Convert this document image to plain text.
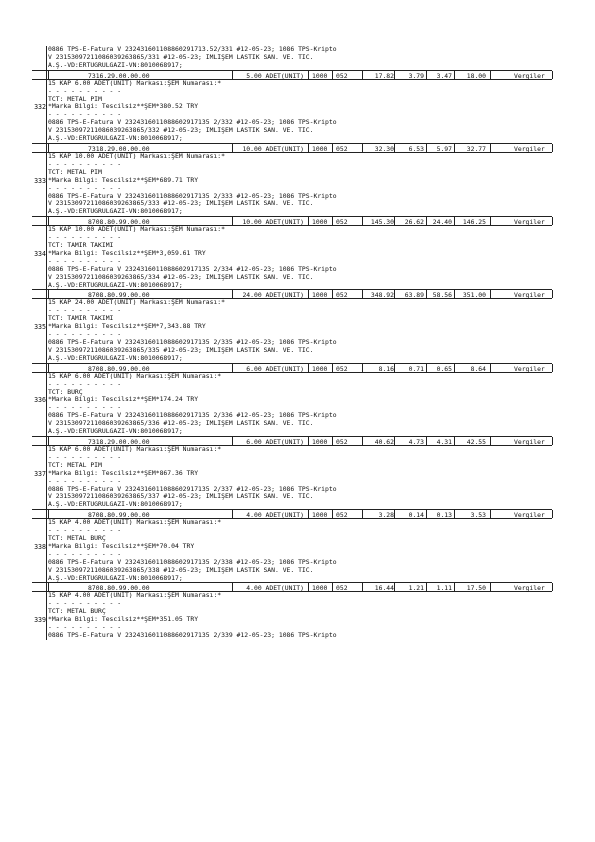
0886 TPS-E-Fatura V 232431601108860291713.52/331 #12-05-23; 1086 TPS-Kripto
V 23153097211086039263865/331 #12-05-23; İMLİŞEM LASTİK SAN. VE. TİC.
A.Ş.-VD:ERTUGRULGAZİ-VN:8010068917;
7316.29.00.00.00	5.00 ADET(UNIT) 1000 052	17.82	3.79	3.47	18.00	Vergiler
332
15 KAP 6.00 ADET(UNIT) Markası:ŞEM Numarası:*
- - - - - - - - - -
TCT: METAL PİM
*Marka Bilgi: Tescilsiz**ŞEM*380.52 TRY
- - - - - - - - - -
0886 TPS-E-Fatura V 2324316011088602917135 2/332 #12-05-23; 1086 TPS-Kripto
V 23153097211086039263865/332 #12-05-23; İMLİŞEM LASTİK SAN. VE. TİC.
A.Ş.-VD:ERTUGRULGAZİ-VN:8010068917;
7318.29.00.00.00	10.00 ADET(UNIT) 1000 052	32.30	6.53	5.97	32.77	Vergiler
333
15 KAP 10.00 ADET(UNIT) Markası:ŞEM Numarası:*
- - - - - - - - - -
TCT: METAL PİM
*Marka Bilgi: Tescilsiz**ŞEM*689.71 TRY
- - - - - - - - - -
0886 TPS-E-Fatura V 2324316011088602917135 2/333 #12-05-23; 1086 TPS-Kripto
V 23153097211086039263865/333 #12-05-23; İMLİŞEM LASTİK SAN. VE. TİC.
A.Ş.-VD:ERTUGRULGAZİ-VN:8010068917;
8708.80.99.00.00	10.00 ADET(UNIT) 1000 052	145.30	26.62	24.40	146.25	Vergiler
334
15 KAP 10.00 ADET(UNIT) Markası:ŞEM Numarası:*
- - - - - - - - - -
TCT: TAMİR TAKIMI
*Marka Bilgi: Tescilsiz**ŞEM*3,059.61 TRY
- - - - - - - - - -
0886 TPS-E-Fatura V 2324316011088602917135 2/334 #12-05-23; 1086 TPS-Kripto
V 23153097211086039263865/334 #12-05-23; İMLİŞEM LASTİK SAN. VE. TİC.
A.Ş.-VD:ERTUGRULGAZİ-VN:8010068917;
8708.80.99.00.00	24.00 ADET(UNIT) 1000 052	348.92	63.89	58.56	351.00	Vergiler
335
15 KAP 24.00 ADET(UNIT) Markası:ŞEM Numarası:*
- - - - - - - - - -
TCT: TAMİR TAKIMI
*Marka Bilgi: Tescilsiz**ŞEM*7,343.88 TRY
- - - - - - - - - -
0886 TPS-E-Fatura V 2324316011088602917135 2/335 #12-05-23; 1086 TPS-Kripto
V 23153097211086039263865/335 #12-05-23; İMLİŞEM LASTİK SAN. VE. TİC.
A.Ş.-VD:ERTUGRULGAZİ-VN:8010068917;
8708.80.99.00.00	6.00 ADET(UNIT) 1000 052	8.16	0.71	0.65	8.64	Vergiler
336
15 KAP 6.00 ADET(UNIT) Markası:ŞEM Numarası:*
- - - - - - - - - -
TCT: BURÇ
*Marka Bilgi: Tescilsiz**ŞEM*174.24 TRY
- - - - - - - - - -
0886 TPS-E-Fatura V 2324316011088602917135 2/336 #12-05-23; 1086 TPS-Kripto
V 23153097211086039263865/336 #12-05-23; İMLİŞEM LASTİK SAN. VE. TİC.
A.Ş.-VD:ERTUGRULGAZİ-VN:8010068917;
7318.29.00.00.00	6.00 ADET(UNIT) 1000 052	40.62	4.73	4.31	42.55	Vergiler
337
15 KAP 6.00 ADET(UNIT) Markası:ŞEM Numarası:*
- - - - - - - - - -
TCT: METAL PİM
*Marka Bilgi: Tescilsiz**ŞEM*867.36 TRY
- - - - - - - - - -
0886 TPS-E-Fatura V 2324316011088602917135 2/337 #12-05-23; 1086 TPS-Kripto
V 23153097211086039263865/337 #12-05-23; İMLİŞEM LASTİK SAN. VE. TİC.
A.Ş.-VD:ERTUGRULGAZİ-VN:8010068917;
8708.80.99.00.00	4.00 ADET(UNIT) 1000 052	3.28	0.14	0.13	3.53	Vergiler
338
15 KAP 4.00 ADET(UNIT) Markası:ŞEM Numarası:*
- - - - - - - - - -
TCT: METAL BURÇ
*Marka Bilgi: Tescilsiz**ŞEM*70.04 TRY
- - - - - - - - - -
0886 TPS-E-Fatura V 2324316011088602917135 2/338 #12-05-23; 1086 TPS-Kripto
V 23153097211086039263865/338 #12-05-23; İMLİŞEM LASTİK SAN. VE. TİC.
A.Ş.-VD:ERTUGRULGAZİ-VN:8010068917;
8708.80.99.00.00	4.00 ADET(UNIT) 1000 052	16.44	1.21	1.11	17.50	Vergiler
339
15 KAP 4.00 ADET(UNIT) Markası:ŞEM Numarası:*
- - - - - - - - - -
TCT: METAL BURÇ
*Marka Bilgi: Tescilsiz**ŞEM*351.05 TRY
- - - - - - - - - -
0886 TPS-E-Fatura V 2324316011088602917135 2/339 #12-05-23; 1086 TPS-Kripto
